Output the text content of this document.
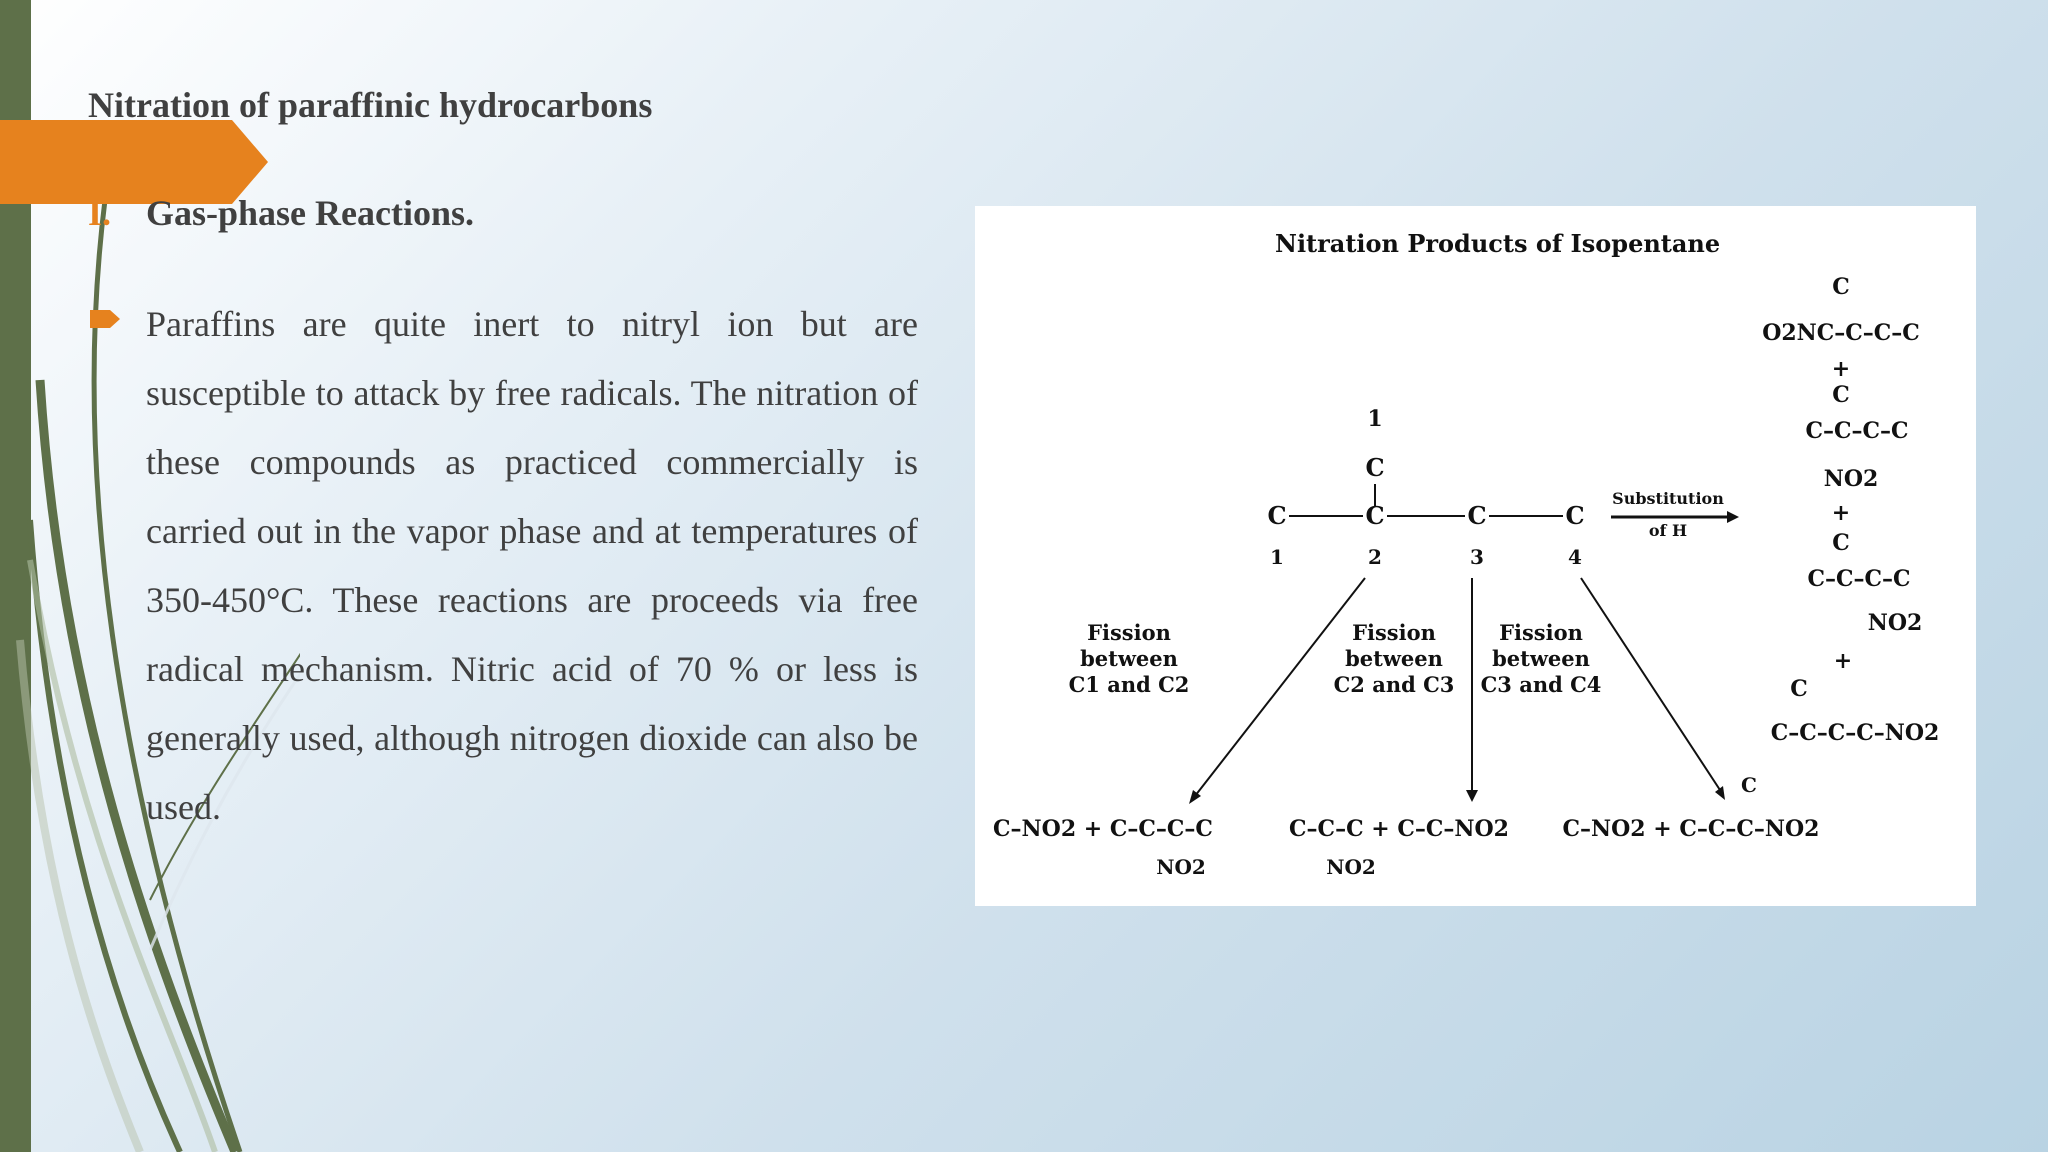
Nitration of paraffinic hydrocarbons
I. Gas-phase Reactions.
Paraffins are quite inert to nitryl ion but are susceptible to attack by free radicals. The nitration of these compounds as practiced commercially is carried out in the vapor phase and at temperatures of 350-450°C. These reactions are proceeds via free radical mechanism. Nitric acid of 70 % or less is generally used, although nitrogen dioxide can also be used.
Nitration Products of Isopentane
1
C
C	C	C	C
1	2	3	4
Substitution
of H
Fission
between
C1 and C2
Fission
between
C2 and C3
Fission
between
C3 and C4
C
O2NC–C–C–C
+
C
C–C–C–C
NO2
+
C
C–C–C–C
NO2
+
C
C–C–C–C–NO2
C–NO2 + C–C–C–C
NO2
C–C–C + C–C–NO2
NO2
C
C–NO2 + C–C–C–NO2
